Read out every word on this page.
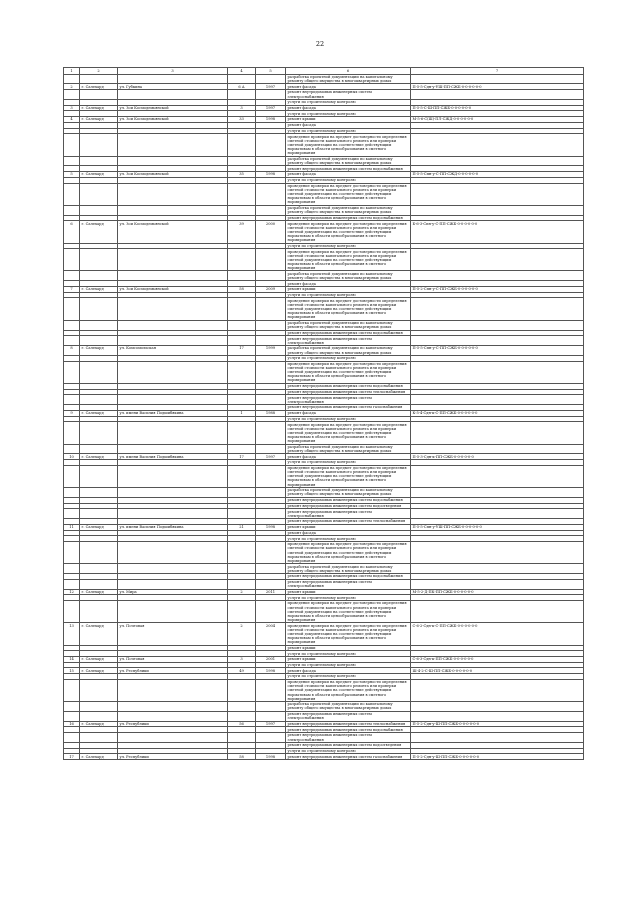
22
1	2	3	4	5	6	7
					разработка проектной документации на капитальному ремонту общего имущества в многоквартирных домах	
2	г. Салехард	ул. Губкина	6 А	1997	ремонт фасада	П-5-5-Сдн-у-УШ-ПП-СЖБ-0-0-0-0-0-0
					ремонт внутридомовых инженерных систем электроснабжения	
					услуги по строительному контролю	
3	г. Салехард	ул. Зои Космодемьянской	3	1997	ремонт фасада	П-5-5-С-Ш-ПП-СЖБ-0-0-0-0-0-0
					услуги по строительному контролю	
4	г. Салехард	ул. Зои Космодемьянской	33	1998	ремонт крыши	М-5-6-С(Ш)-ПЛ-СЖД-0-0-0-0-0-0
					ремонт фасада	
					услуги по строительному контролю	
					проведение проверки на предмет достоверности определения сметной стоимости капитального ремонта или проверки сметной документации на соответствие действующим нормативам в области ценообразования в сметного нормирования	
					разработка проектной документации по капитальному ремонту общего имущества в многоквартирных домах	
					ремонт внутридомовых инженерных систем водоснабжения	
5	г. Салехард	ул. Зои Космодемьянской	35	1998	ремонт фасада	П-5-5-Спн-у-С-ПП-СЖД-0-0-0-0-0-0
					услуги по строительному контролю	
					проведение проверки на предмет достоверности определения сметной стоимости капитального ремонта или проверки сметной документации на соответствие действующим нормативам в области ценообразования в сметного нормирования	
					разработка проектной документации по капитальному ремонту общего имущества в многоквартирных домах	
					ремонт внутридомовых инженерных систем водоснабжения	
6	г. Салехард	ул. Зои Космодемьянской	39	2000	проведение проверки на предмет достоверности определения сметной стоимости капитального ремонта или проверки сметной документации на соответствие действующим нормативам в области ценообразования в сметного нормирования	Б-6-3-Спн-у-С-ПП-СЖБ-0-0-0-0-0-0
					услуги по строительному контролю	
					проведение проверки на предмет достоверности определения сметной стоимости капитального ремонта или проверки сметной документации на соответствие действующим нормативам в области ценообразования в сметного нормирования	
					разработка проектной документации по капитальному ремонту общего имущества в многоквартирных домах	
					ремонт фасада	
7	г. Салехард	ул. Зои Космодемьянской	58	2009	ремонт крыши	П-5-2-Спн-у-С-ПП-СЖБ-0-0-0-0-0-0
					услуги по строительному контролю	
					проведение проверки на предмет достоверности определения сметной стоимости капитального ремонта или проверки сметной документации на соответствие действующим нормативам в области ценообразования в сметного нормирования	
					разработка проектной документации по капитальному ремонту общего имущества в многоквартирных домах	
					ремонт внутридомовых инженерных систем водоснабжения	
					ремонт внутридомовых инженерных систем электроснабжения	
8	г. Салехард	ул. Комсомольская	17	1999	разработка проектной документации по капитальному ремонту общего имущества в многоквартирных домах	П-5-5-Спн-у-С-ПП-СЖБ-0-0-0-0-0-0
					услуги по строительному контролю	
					проведение проверки на предмет достоверности определения сметной стоимости капитального ремонта или проверки сметной документации на соответствие действующим нормативам в области ценообразования в сметного нормирования	
					ремонт внутридомовых инженерных систем водоснабжения	
					ремонт внутридомовых инженерных систем теплоснабжения	
					ремонт внутридомовых инженерных систем электроснабжения	
					ремонт внутридомовых инженерных систем газоснабжения	
9	г. Салехард	ул. имени Василия Подшибякина	1	1988	ремонт фасада	К-5-4-Сдн-к-С-ПП-СЖБ-0-0-0-0-0-0
					услуги по строительному контролю	
					проведение проверки на предмет достоверности определения сметной стоимости капитального ремонта или проверки сметной документации на соответствие действующим нормативам в области ценообразования в сметного нормирования	
					разработка проектной документации по капитальному ремонту общего имущества в многоквартирных домах	
10	г. Салехард	ул. имени Василия Подшибякина	17	1997	ремонт фасада	П-5-3-Сдн-к-ПП-СЖБ-0-0-0-0-0-0
					услуги по строительному контролю	
					проведение проверки на предмет достоверности определения сметной стоимости капитального ремонта или проверки сметной документации на соответствие действующим нормативам в области ценообразования в сметного нормирования	
					разработка проектной документации по капитальному ремонту общего имущества в многоквартирных домах	
					ремонт внутридомовых инженерных систем водоснабжения	
					ремонт внутридомовых инженерных систем водоотведения	
					ремонт внутридомовых инженерных систем электроснабжения	
					ремонт внутридомовых инженерных систем теплоснабжения	
11	г. Салехард	ул. имени Василия Подшибякина	21	1998	ремонт крыши	П-5-5-Спн-у-УШ-ПП-СЖБ-0-0-0-0-0-0
					ремонт фасада	
					услуги по строительному контролю	
					проведение проверки на предмет достоверности определения сметной стоимости капитального ремонта или проверки сметной документации на соответствие действующим нормативам в области ценообразования в сметного нормирования	
					разработка проектной документации по капитальному ремонту общего имущества в многоквартирных домах	
					ремонт внутридомовых инженерных систем водоснабжения	
					ремонт внутридомовых инженерных систем электроснабжения	
12	г. Салехард	ул. Мира	2	2011	ремонт крыши	М-5-2-Д-ПК-ПП-СЖБ-0-0-0-0-0-0
					услуги по строительному контролю	
					проведение проверки на предмет достоверности определения сметной стоимости капитального ремонта или проверки сметной документации на соответствие действующим нормативам в области ценообразования в сметного нормирования	
13	г. Салехард	ул. Почтовая	2	2004	проведение проверки на предмет достоверности определения сметной стоимости капитального ремонта или проверки сметной документации на соответствие действующим нормативам в области ценообразования в сметного нормирования	С-6-2-Сдн-к-С-ПП-СЖБ-0-0-0-0-0-0
					ремонт крыши	
					услуги по строительному контролю	
14	г. Салехард	ул. Почтовая	3	2001	ремонт крыши	С-6-3-Сдн-к-ПП-СЖБ-0-0-0-0-0-0
					услуги по строительному контролю	
15	г. Салехард	ул. Республики	49	1998	ремонт фасада	Ш-4-2-С-Ш-ПП-СЖБ-0-0-0-0-0-0
					услуги по строительному контролю	
					проведение проверки на предмет достоверности определения сметной стоимости капитального ремонта или проверки сметной документации на соответствие действующим нормативам в области ценообразования в сметного нормирования	
					разработка проектной документации по капитальному ремонту общего имущества в многоквартирных домах	
					ремонт внутридомовых инженерных систем электроснабжения	
16	г. Салехард	ул. Республики	56	1997	ремонт внутридомовых инженерных систем теплоснабжения	П-5-2-Сдн-у-Ш-ПП-СЖБ-0-0-0-0-0-0
					ремонт внутридомовых инженерных систем водоснабжения	
					ремонт внутридомовых инженерных систем электроснабжения	
					ремонт внутридомовых инженерных систем водоотведения	
					услуги по строительному контролю	
17	г. Салехард	ул. Республики	58	1998	ремонт внутридомовых инженерных систем газоснабжения	П-5-2-Сдн-у-Ш-ПП-СЖБ-0-0-0-0-0-0
